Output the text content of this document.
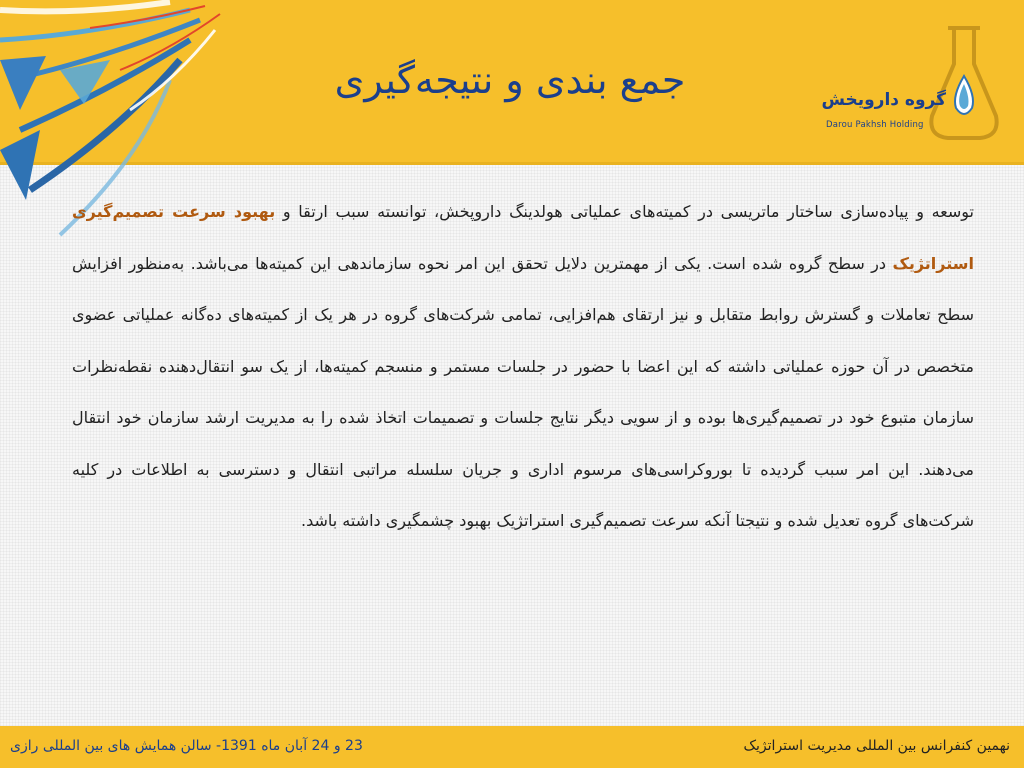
جمع بندی و نتیجه‌گیری	گروه دارویخش
Darou Pakhsh Holding

توسعه و پیاده‌سازی ساختار ماتریسی در کمیته‌های عملیاتی هولدینگ داروپخش، توانسته سبب ارتقا و بهبود سرعت تصمیم‌گیری استراتژیک در سطح گروه شده است. یکی از مهمترین دلایل تحقق این امر نحوه سازماندهی این کمیته‌ها می‌باشد. به‌منظور افزایش سطح تعاملات و گسترش روابط متقابل و نیز ارتقای هم‌افزایی، تمامی شرکت‌های گروه در هر یک از کمیته‌های ده‌گانه عملیاتی عضوی متخصص در آن حوزه عملیاتی داشته که این اعضا با حضور در جلسات مستمر و منسجم کمیته‌ها، از یک سو انتقال‌دهنده نقطه‌نظرات سازمان متبوع خود در تصمیم‌گیری‌ها بوده و از سویی دیگر نتایج جلسات و تصمیمات اتخاذ شده را به مدیریت ارشد سازمان خود انتقال می‌دهند. این امر سبب گردیده تا بوروکراسی‌های مرسوم اداری و جریان سلسله مراتبی انتقال و دسترسی به اطلاعات در کلیه شرکت‌های گروه تعدیل شده و نتیجتا آنکه سرعت تصمیم‌گیری استراتژیک بهبود چشمگیری داشته باشد.

23 و 24 آبان ماه 1391- سالن همایش های بین المللی رازی	نهمین کنفرانس بین المللی مدیریت استراتژیک
